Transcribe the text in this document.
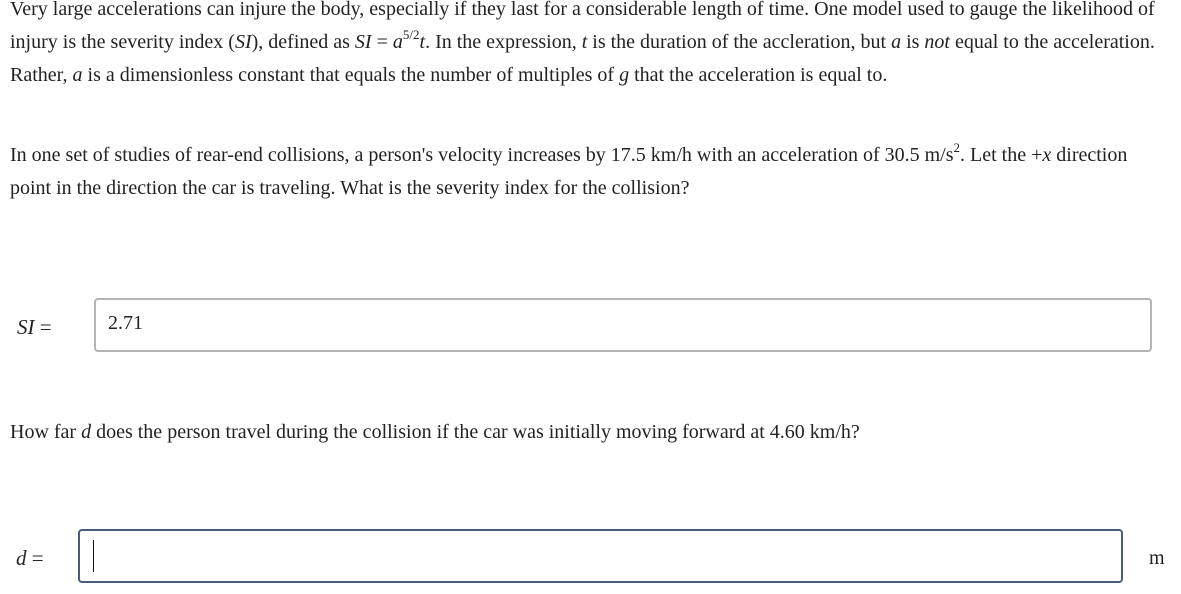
Very large accelerations can injure the body, especially if they last for a considerable length of time. One model used to gauge the likelihood of injury is the severity index (SI), defined as SI = $a^{5/2}t$. In the expression, t is the duration of the accleration, but a is not equal to the acceleration. Rather, a is a dimensionless constant that equals the number of multiples of g that the acceleration is equal to.

In one set of studies of rear-end collisions, a person's velocity increases by 17.5 km/h with an acceleration of 30.5 $m/s^2$. Let the +x direction point in the direction the car is traveling. What is the severity index for the collision?

SI =	2.71

How far d does the person travel during the collision if the car was initially moving forward at 4.60 km/h?

d =	m
